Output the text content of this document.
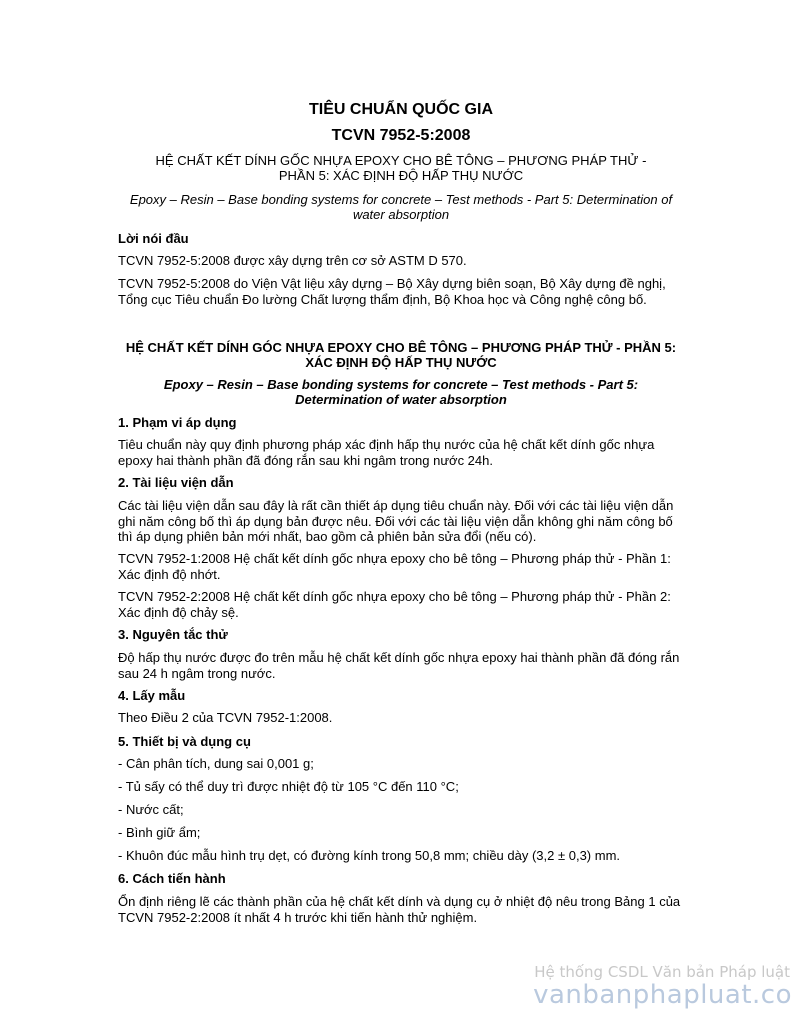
TIÊU CHUẨN QUỐC GIA
TCVN 7952-5:2008
HỆ CHẤT KẾT DÍNH GỐC NHỰA EPOXY CHO BÊ TÔNG – PHƯƠNG PHÁP THỬ - PHẦN 5: XÁC ĐỊNH ĐỘ HẤP THỤ NƯỚC
Epoxy – Resin – Base bonding systems for concrete – Test methods - Part 5: Determination of water absorption
Lời nói đầu
TCVN 7952-5:2008 được xây dựng trên cơ sở ASTM D 570.
TCVN 7952-5:2008 do Viện Vật liệu xây dựng – Bộ Xây dựng biên soạn, Bộ Xây dựng đề nghị, Tổng cục Tiêu chuẩn Đo lường Chất lượng thẩm định, Bộ Khoa học và Công nghệ công bố.
HỆ CHẤT KẾT DÍNH GÓC NHỰA EPOXY CHO BÊ TÔNG – PHƯƠNG PHÁP THỬ - PHẦN 5: XÁC ĐỊNH ĐỘ HẤP THỤ NƯỚC
Epoxy – Resin – Base bonding systems for concrete – Test methods - Part 5: Determination of water absorption
1. Phạm vi áp dụng
Tiêu chuẩn này quy định phương pháp xác định hấp thụ nước của hệ chất kết dính gốc nhựa epoxy hai thành phần đã đóng rắn sau khi ngâm trong nước 24h.
2. Tài liệu viện dẫn
Các tài liệu viện dẫn sau đây là rất cần thiết áp dụng tiêu chuẩn này. Đối với các tài liệu viện dẫn ghi năm công bố thì áp dụng bản được nêu. Đối với các tài liệu viện dẫn không ghi năm công bố thì áp dụng phiên bản mới nhất, bao gồm cả phiên bản sửa đổi (nếu có).
TCVN 7952-1:2008 Hệ chất kết dính gốc nhựa epoxy cho bê tông – Phương pháp thử - Phần 1: Xác định độ nhớt.
TCVN 7952-2:2008 Hệ chất kết dính gốc nhựa epoxy cho bê tông – Phương pháp thử - Phần 2: Xác định độ chảy sệ.
3. Nguyên tắc thử
Độ hấp thụ nước được đo trên mẫu hệ chất kết dính gốc nhựa epoxy hai thành phần đã đóng rắn sau 24 h ngâm trong nước.
4. Lấy mẫu
Theo Điều 2 của TCVN 7952-1:2008.
5. Thiết bị và dụng cụ
- Cân phân tích, dung sai 0,001 g;
- Tủ sấy có thể duy trì được nhiệt độ từ 105 °C đến 110 °C;
- Nước cất;
- Bình giữ ẩm;
- Khuôn đúc mẫu hình trụ dẹt, có đường kính trong 50,8 mm; chiều dày (3,2 ± 0,3) mm.
6. Cách tiến hành
Ổn định riêng lẽ các thành phần của hệ chất kết dính và dụng cụ ở nhiệt độ nêu trong Bảng 1 của TCVN 7952-2:2008 ít nhất 4 h trước khi tiến hành thử nghiệm.
Hệ thống CSDL Văn bản Pháp luật
vanbanphapluat.co
